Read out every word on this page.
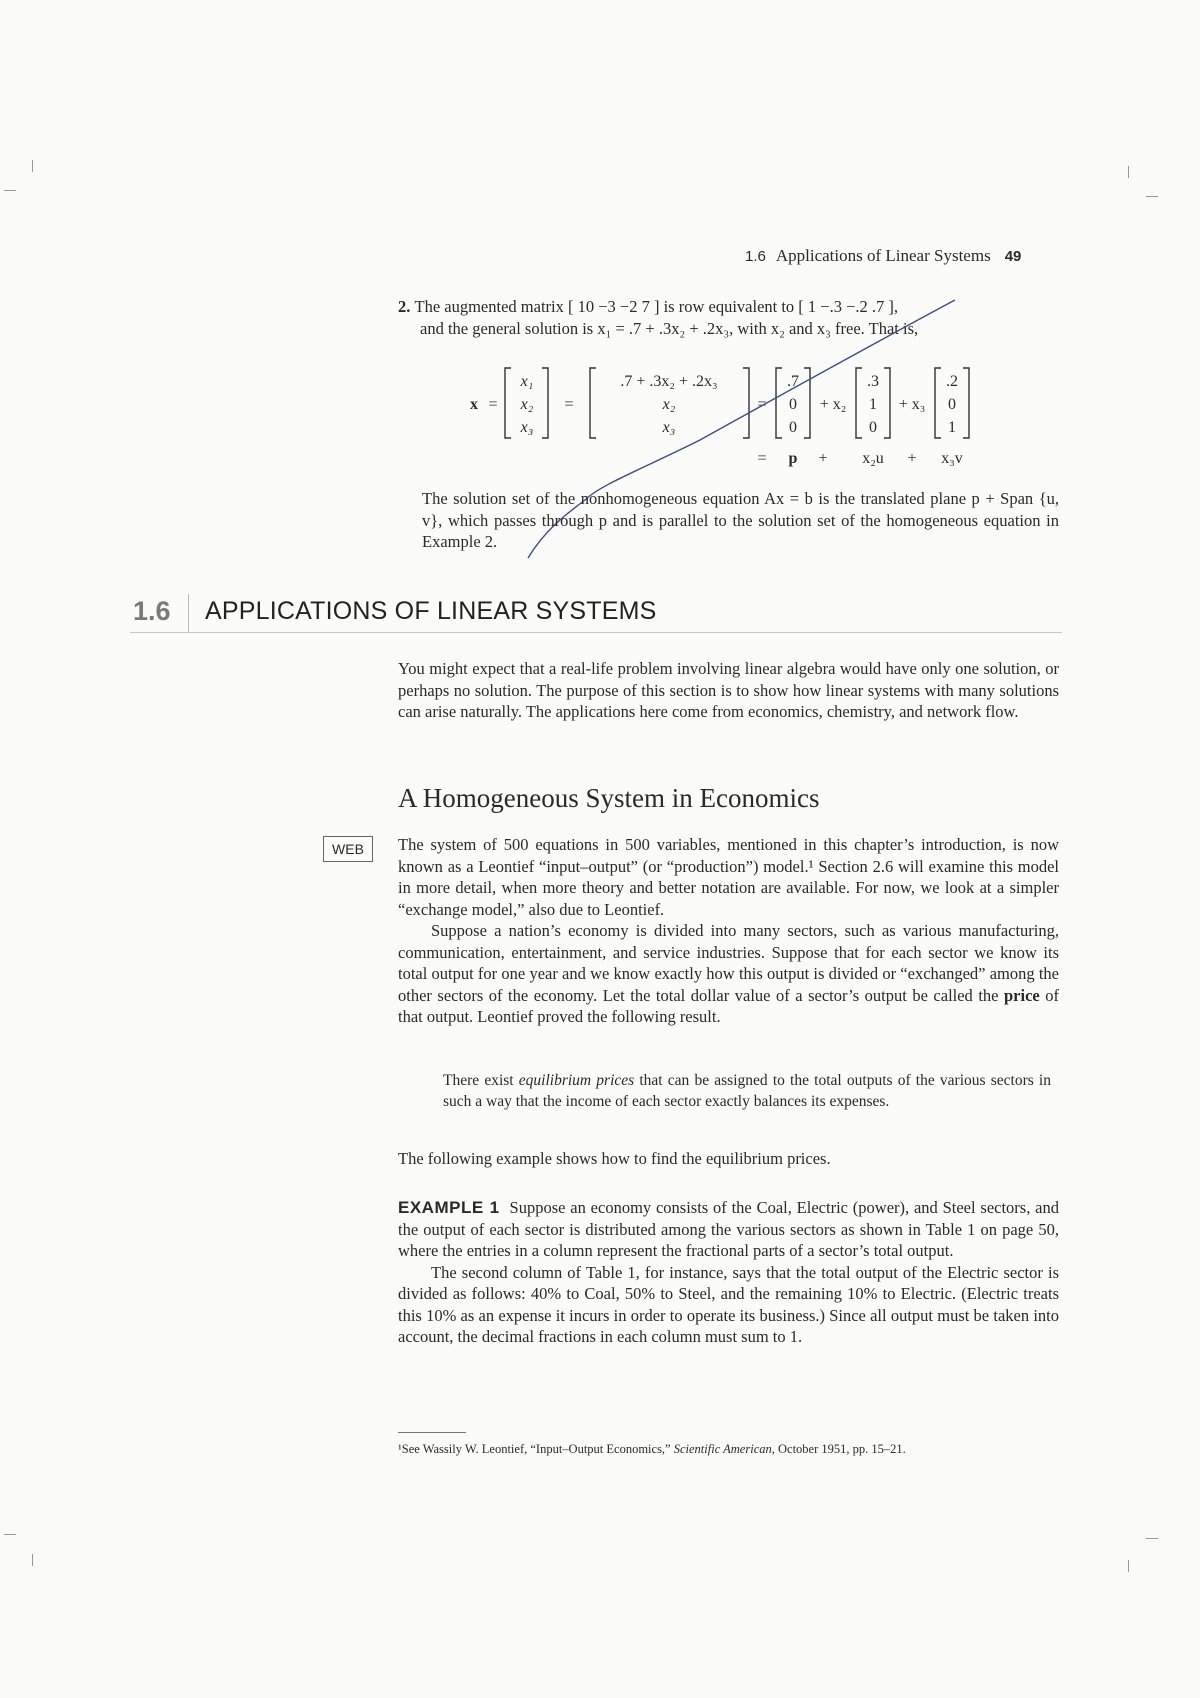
1.6 Applications of Linear Systems 49

2. The augmented matrix [ 10 −3 −2 7 ] is row equivalent to [ 1 −.3 −.2 .7 ],

and the general solution is x₁ = .7 + .3x₂ + .2x₃, with x₂ and x₃ free. That is,

x =
x₁
x₂
x₃
=
.7 + .3x₂ + .2x₃
x₂
x₃
=
.7
0
0
+ x₂
.3
1
0
+ x₃
.2
0
1
= p + x₂u + x₃v
The solution set of the nonhomogeneous equation Ax = b is the translated plane p + Span {u, v}, which passes through p and is parallel to the solution set of the homogeneous equation in Example 2.
1.6 APPLICATIONS OF LINEAR SYSTEMS
You might expect that a real-life problem involving linear algebra would have only one solution, or perhaps no solution. The purpose of this section is to show how linear systems with many solutions can arise naturally. The applications here come from economics, chemistry, and network flow.
A Homogeneous System in Economics
WEB	The system of 500 equations in 500 variables, mentioned in this chapter’s introduction, is now known as a Leontief “input–output” (or “production”) model.¹ Section 2.6 will examine this model in more detail, when more theory and better notation are available. For now, we look at a simpler “exchange model,” also due to Leontief.

Suppose a nation’s economy is divided into many sectors, such as various manufacturing, communication, entertainment, and service industries. Suppose that for each sector we know its total output for one year and we know exactly how this output is divided or “exchanged” among the other sectors of the economy. Let the total dollar value of a sector’s output be called the price of that output. Leontief proved the following result.

There exist equilibrium prices that can be assigned to the total outputs of the various sectors in such a way that the income of each sector exactly balances its expenses.
The following example shows how to find the equilibrium prices.

EXAMPLE 1 Suppose an economy consists of the Coal, Electric (power), and Steel sectors, and the output of each sector is distributed among the various sectors as shown in Table 1 on page 50, where the entries in a column represent the fractional parts of a sector’s total output.

The second column of Table 1, for instance, says that the total output of the Electric sector is divided as follows: 40% to Coal, 50% to Steel, and the remaining 10% to Electric. (Electric treats this 10% as an expense it incurs in order to operate its business.) Since all output must be taken into account, the decimal fractions in each column must sum to 1.

¹See Wassily W. Leontief, “Input–Output Economics,” Scientific American, October 1951, pp. 15–21.
